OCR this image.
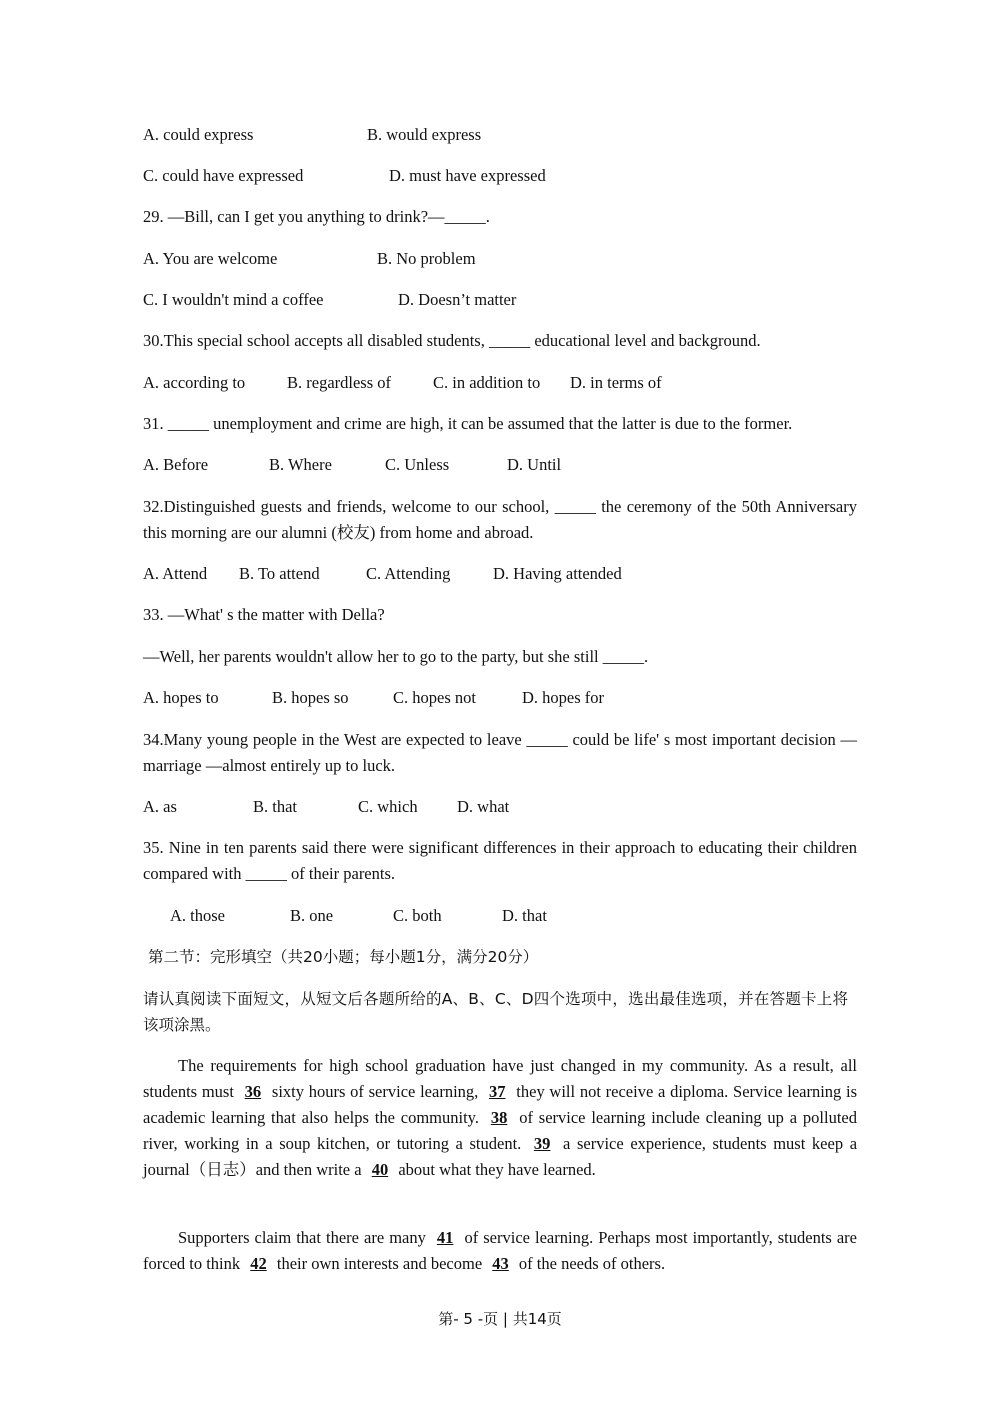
A. could express	B. would express
C. could have expressed	D. must have expressed
29. —Bill, can I get you anything to drink?—_____.
A. You are welcome	B. No problem
C. I wouldn't mind a coffee	D. Doesn’t matter
30.This special school accepts all disabled students, _____ educational level and background.
A. according to	B. regardless of	C. in addition to D. in terms of
31. _____ unemployment and crime are high, it can be assumed that the latter is due to the former.
A. Before	B. Where	C. Unless	D. Until
32.Distinguished guests and friends, welcome to our school, _____ the ceremony of the 50th Anniversary this morning are our alumni (校友) from home and abroad.
A. Attend B. To attend	C. Attending	D. Having attended
33. —What' s the matter with Della?
—Well, her parents wouldn't allow her to go to the party, but she still _____.
A. hopes to	B. hopes so	C. hopes not	D. hopes for
34.Many young people in the West are expected to leave _____ could be life' s most important decision —marriage —almost entirely up to luck.
A. as	B. that	C. which D. what
35. Nine in ten parents said there were significant differences in their approach to educating their children compared with _____ of their parents.
A. those	B. one	C. both	D. that
第二节：完形填空（共20小题；每小题1分，满分20分）
请认真阅读下面短文，从短文后各题所给的A、B、C、D四个选项中，选出最佳选项，并在答题卡上将该项涂黑。
The requirements for high school graduation have just changed in my community. As a result, all students must 36 sixty hours of service learning, 37 they will not receive a diploma. Service learning is academic learning that also helps the community. 38 of service learning include cleaning up a polluted river, working in a soup kitchen, or tutoring a student. 39 a service experience, students must keep a journal（日志）and then write a 40 about what they have learned.
Supporters claim that there are many 41 of service learning. Perhaps most importantly, students are forced to think 42 their own interests and become 43 of the needs of others.
第- 5 -页 | 共14页
